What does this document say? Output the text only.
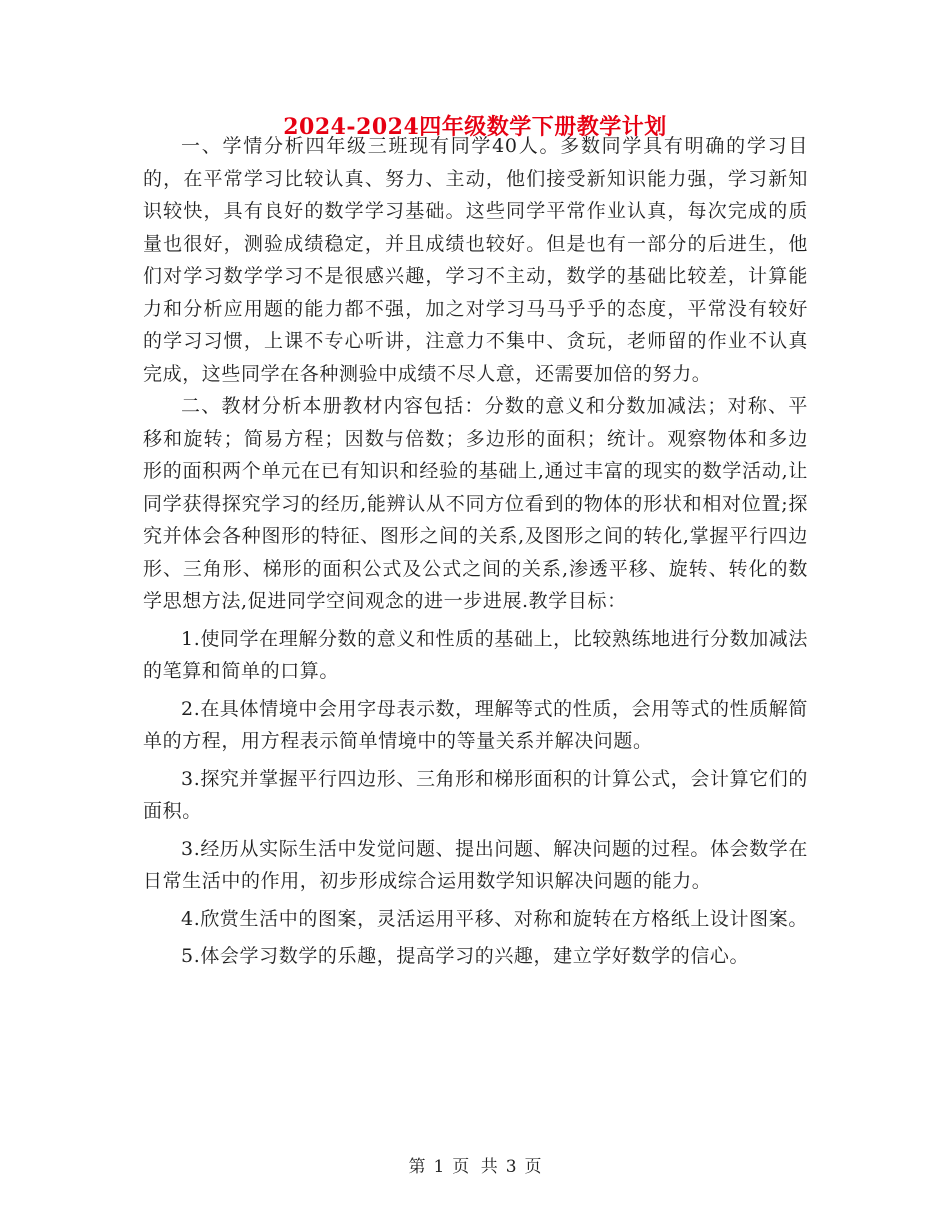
2024-2024四年级数学下册教学计划

一、学情分析四年级三班现有同学40人。多数同学具有明确的学习目的，在平常学习比较认真、努力、主动，他们接受新知识能力强，学习新知识较快，具有良好的数学学习基础。这些同学平常作业认真，每次完成的质量也很好，测验成绩稳定，并且成绩也较好。但是也有一部分的后进生，他们对学习数学学习不是很感兴趣，学习不主动，数学的基础比较差，计算能力和分析应用题的能力都不强，加之对学习马马乎乎的态度，平常没有较好的学习习惯，上课不专心听讲，注意力不集中、贪玩，老师留的作业不认真完成，这些同学在各种测验中成绩不尽人意，还需要加倍的努力。

二、教材分析本册教材内容包括：分数的意义和分数加减法；对称、平移和旋转；简易方程；因数与倍数；多边形的面积；统计。观察物体和多边形的面积两个单元在已有知识和经验的基础上,通过丰富的现实的数学活动,让同学获得探究学习的经历,能辨认从不同方位看到的物体的形状和相对位置;探究并体会各种图形的特征、图形之间的关系,及图形之间的转化,掌握平行四边形、三角形、梯形的面积公式及公式之间的关系,渗透平移、旋转、转化的数学思想方法,促进同学空间观念的进一步进展.教学目标：

1.使同学在理解分数的意义和性质的基础上，比较熟练地进行分数加减法的笔算和简单的口算。

2.在具体情境中会用字母表示数，理解等式的性质，会用等式的性质解简单的方程，用方程表示简单情境中的等量关系并解决问题。

3.探究并掌握平行四边形、三角形和梯形面积的计算公式，会计算它们的面积。

3.经历从实际生活中发觉问题、提出问题、解决问题的过程。体会数学在日常生活中的作用，初步形成综合运用数学知识解决问题的能力。

4.欣赏生活中的图案，灵活运用平移、对称和旋转在方格纸上设计图案。

5.体会学习数学的乐趣，提高学习的兴趣，建立学好数学的信心。

第 1 页 共 3 页
